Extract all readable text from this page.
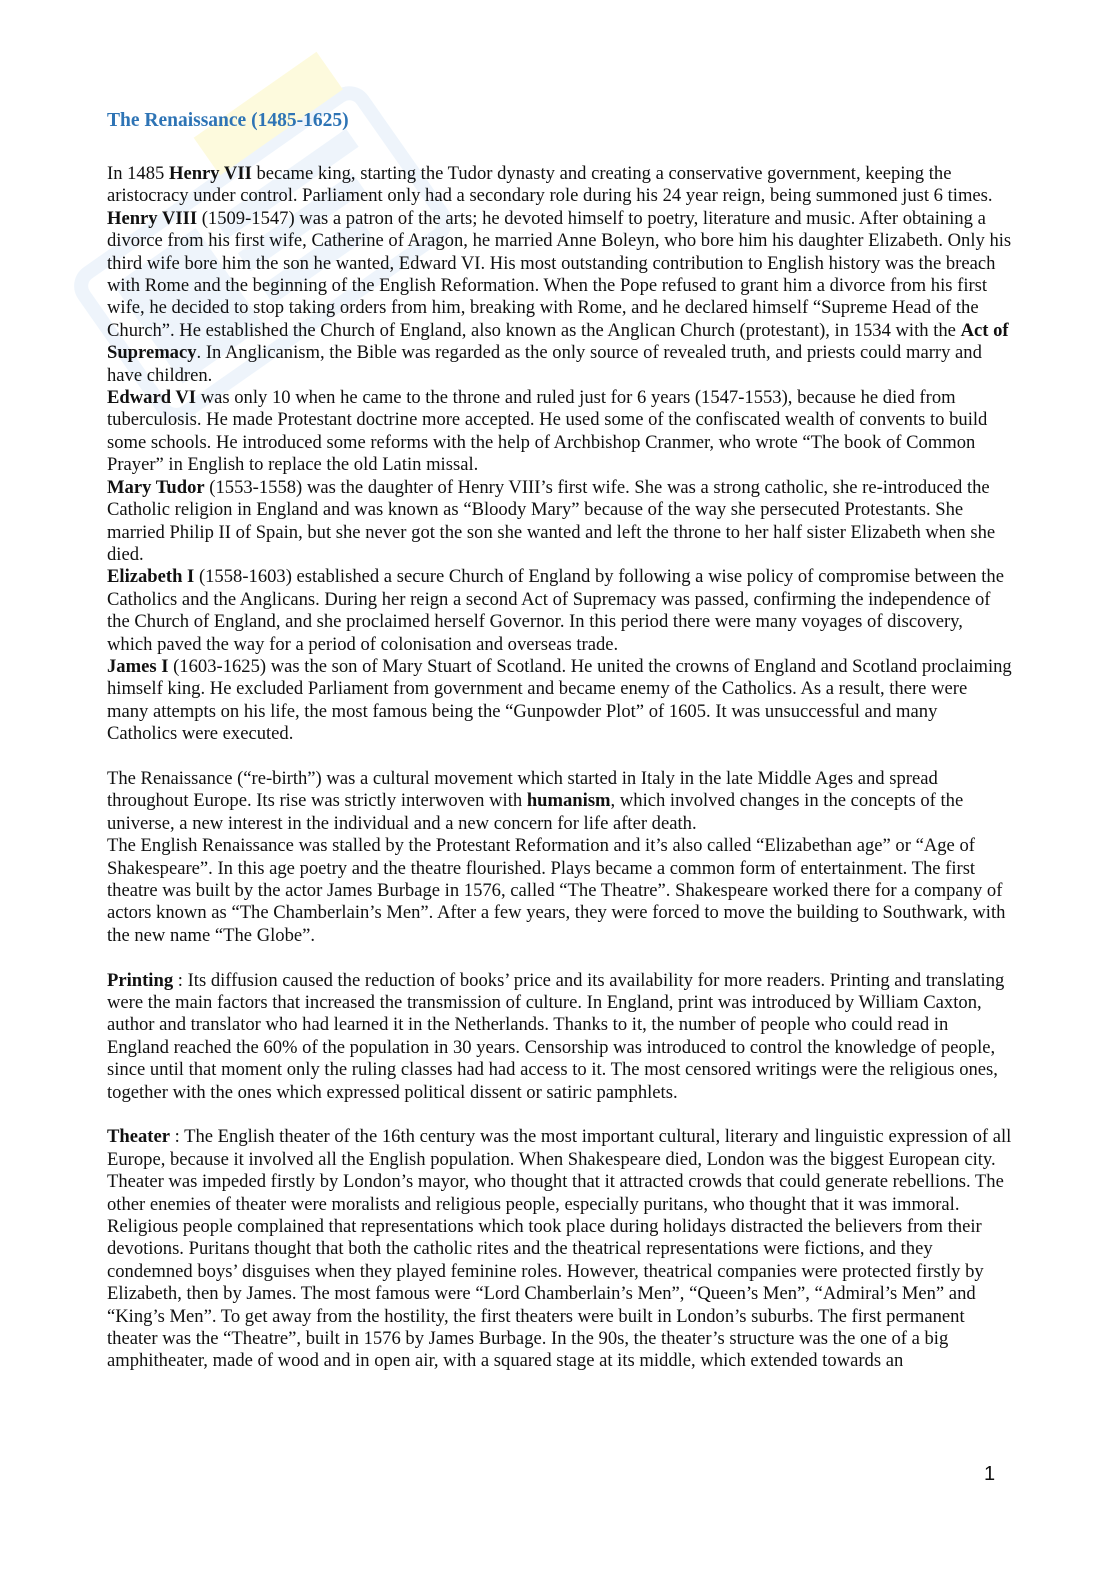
The Renaissance (1485-1625)

In 1485 Henry VII became king, starting the Tudor dynasty and creating a conservative government, keeping the aristocracy under control. Parliament only had a secondary role during his 24 year reign, being summoned just 6 times.

Henry VIII (1509-1547) was a patron of the arts; he devoted himself to poetry, literature and music. After obtaining a divorce from his first wife, Catherine of Aragon, he married Anne Boleyn, who bore him his daughter Elizabeth. Only his third wife bore him the son he wanted, Edward VI. His most outstanding contribution to English history was the breach with Rome and the beginning of the English Reformation. When the Pope refused to grant him a divorce from his first wife, he decided to stop taking orders from him, breaking with Rome, and he declared himself “Supreme Head of the Church”. He established the Church of England, also known as the Anglican Church (protestant), in 1534 with the Act of Supremacy. In Anglicanism, the Bible was regarded as the only source of revealed truth, and priests could marry and have children.

Edward VI was only 10 when he came to the throne and ruled just for 6 years (1547-1553), because he died from tuberculosis. He made Protestant doctrine more accepted. He used some of the confiscated wealth of convents to build some schools. He introduced some reforms with the help of Archbishop Cranmer, who wrote “The book of Common Prayer” in English to replace the old Latin missal.

Mary Tudor (1553-1558) was the daughter of Henry VIII’s first wife. She was a strong catholic, she re-introduced the Catholic religion in England and was known as “Bloody Mary” because of the way she persecuted Protestants. She married Philip II of Spain, but she never got the son she wanted and left the throne to her half sister Elizabeth when she died.

Elizabeth I (1558-1603) established a secure Church of England by following a wise policy of compromise between the Catholics and the Anglicans. During her reign a second Act of Supremacy was passed, confirming the independence of the Church of England, and she proclaimed herself Governor. In this period there were many voyages of discovery, which paved the way for a period of colonisation and overseas trade.

James I (1603-1625) was the son of Mary Stuart of Scotland. He united the crowns of England and Scotland proclaiming himself king. He excluded Parliament from government and became enemy of the Catholics. As a result, there were many attempts on his life, the most famous being the “Gunpowder Plot” of 1605. It was unsuccessful and many Catholics were executed.

The Renaissance (“re-birth”) was a cultural movement which started in Italy in the late Middle Ages and spread throughout Europe. Its rise was strictly interwoven with humanism, which involved changes in the concepts of the universe, a new interest in the individual and a new concern for life after death.

The English Renaissance was stalled by the Protestant Reformation and it’s also called “Elizabethan age” or “Age of Shakespeare”. In this age poetry and the theatre flourished. Plays became a common form of entertainment. The first theatre was built by the actor James Burbage in 1576, called “The Theatre”. Shakespeare worked there for a company of actors known as “The Chamberlain’s Men”. After a few years, they were forced to move the building to Southwark, with the new name “The Globe”.

Printing : Its diffusion caused the reduction of books’ price and its availability for more readers. Printing and translating were the main factors that increased the transmission of culture. In England, print was introduced by William Caxton, author and translator who had learned it in the Netherlands. Thanks to it, the number of people who could read in England reached the 60% of the population in 30 years. Censorship was introduced to control the knowledge of people, since until that moment only the ruling classes had had access to it. The most censored writings were the religious ones, together with the ones which expressed political dissent or satiric pamphlets.

Theater : The English theater of the 16th century was the most important cultural, literary and linguistic expression of all Europe, because it involved all the English population. When Shakespeare died, London was the biggest European city. Theater was impeded firstly by London’s mayor, who thought that it attracted crowds that could generate rebellions. The other enemies of theater were moralists and religious people, especially puritans, who thought that it was immoral. Religious people complained that representations which took place during holidays distracted the believers from their devotions. Puritans thought that both the catholic rites and the theatrical representations were fictions, and they condemned boys’ disguises when they played feminine roles. However, theatrical companies were protected firstly by Elizabeth, then by James. The most famous were “Lord Chamberlain’s Men”, “Queen’s Men”, “Admiral’s Men” and “King’s Men”. To get away from the hostility, the first theaters were built in London’s suburbs. The first permanent theater was the “Theatre”, built in 1576 by James Burbage. In the 90s, the theater’s structure was the one of a big amphitheater, made of wood and in open air, with a squared stage at its middle, which extended towards an

1
